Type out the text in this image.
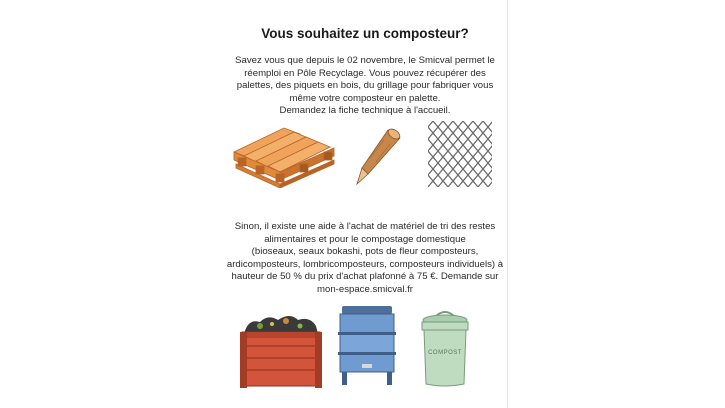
Vous souhaitez un composteur?

Savez vous que depuis le 02 novembre, le Smicval permet le
réemploi en Pôle Recyclage. Vous pouvez récupérer des
palettes, des piquets en bois, du grillage pour fabriquer vous
même votre composteur en palette.
Demandez la fiche technique à l'accueil.

Sinon, il existe une aide à l'achat de matériel de tri des restes
alimentaires et pour le compostage domestique
(bioseaux, seaux bokashi, pots de fleur composteurs,
ardicomposteurs, lombricomposteurs, composteurs individuels) à
hauteur de 50 % du prix d'achat plafonné à 75 €. Demande sur
mon-espace.smicval.fr

COMPOST
